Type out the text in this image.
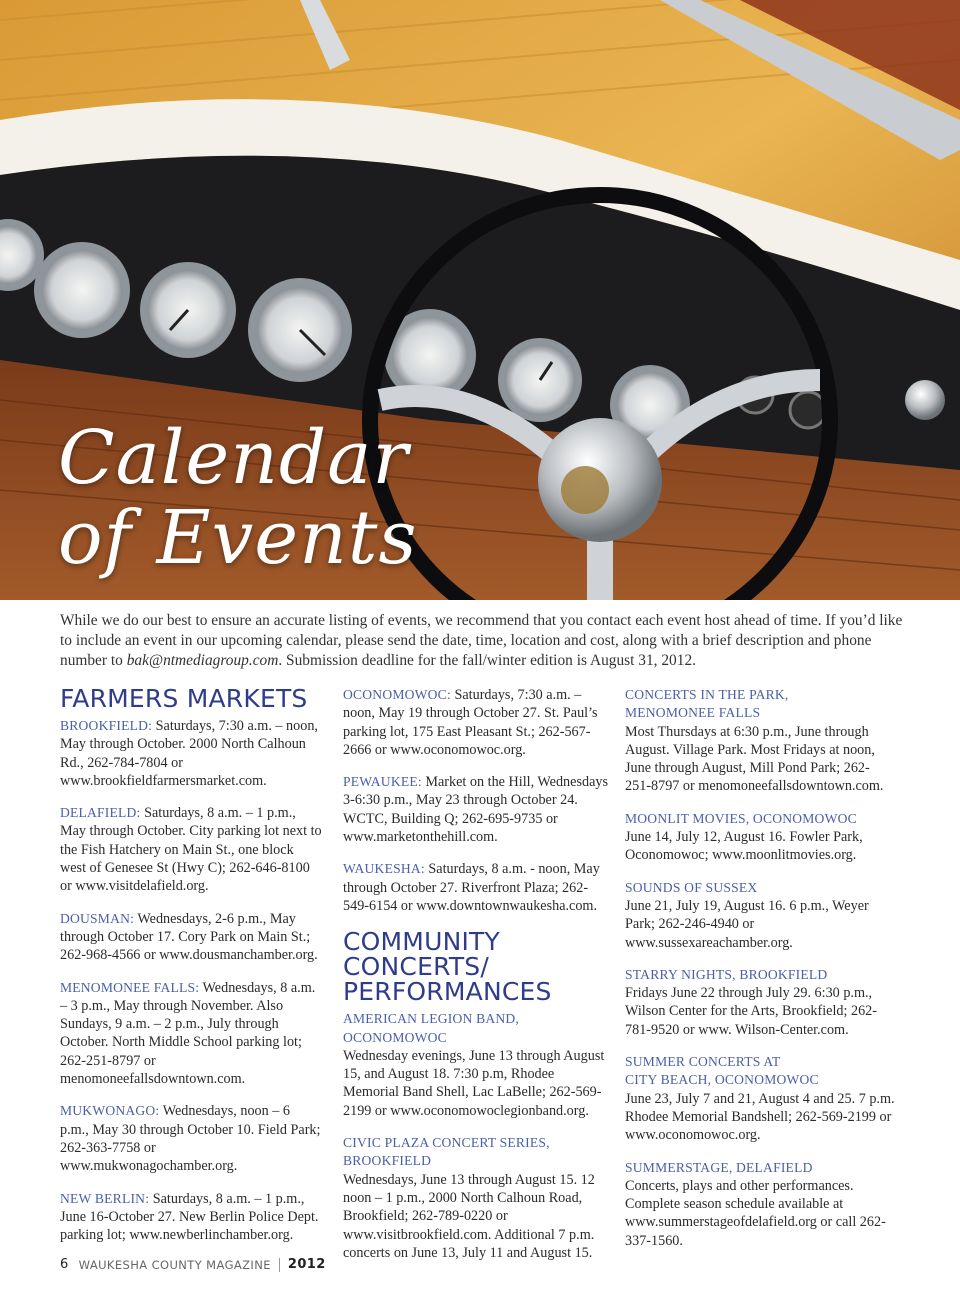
Calendar
of Events
While we do our best to ensure an accurate listing of events, we recommend that you contact each event host ahead of time. If you’d like to include an event in our upcoming calendar, please send the date, time, location and cost, along with a brief description and phone number to bak@ntmediagroup.com. Submission deadline for the fall/winter edition is August 31, 2012.
FARMERS MARKETS
BROOKFIELD: Saturdays, 7:30 a.m. – noon, May through October. 2000 North Calhoun Rd., 262-784-7804 or www.brookfieldfarmersmarket.com.
DELAFIELD: Saturdays, 8 a.m. – 1 p.m., May through October. City parking lot next to the Fish Hatchery on Main St., one block west of Genesee St (Hwy C); 262-646-8100 or www.visitdelafield.org.
DOUSMAN: Wednesdays, 2-6 p.m., May through October 17. Cory Park on Main St.; 262-968-4566 or www.dousmanchamber.org.
MENOMONEE FALLS: Wednesdays, 8 a.m. – 3 p.m., May through November. Also Sundays, 9 a.m. – 2 p.m., July through October. North Middle School parking lot; 262-251-8797 or menomoneefallsdowntown.com.
MUKWONAGO: Wednesdays, noon – 6 p.m., May 30 through October 10. Field Park; 262-363-7758 or www.mukwonagochamber.org.
NEW BERLIN: Saturdays, 8 a.m. – 1 p.m., June 16-October 27. New Berlin Police Dept. parking lot; www.newberlinchamber.org.
OCONOMOWOC: Saturdays, 7:30 a.m. – noon, May 19 through October 27. St. Paul’s parking lot, 175 East Pleasant St.; 262-567-2666 or www.oconomowoc.org.
PEWAUKEE: Market on the Hill, Wednesdays 3-6:30 p.m., May 23 through October 24. WCTC, Building Q; 262-695-9735 or www.marketonthehill.com.
WAUKESHA: Saturdays, 8 a.m. - noon, May through October 27. Riverfront Plaza; 262-549-6154 or www.downtownwaukesha.com.
COMMUNITY
CONCERTS/
PERFORMANCES
AMERICAN LEGION BAND,
OCONOMOWOC
Wednesday evenings, June 13 through August 15, and August 18. 7:30 p.m, Rhodee Memorial Band Shell, Lac LaBelle; 262-569-2199 or www.oconomowoclegionband.org.
CIVIC PLAZA CONCERT SERIES,
BROOKFIELD
Wednesdays, June 13 through August 15. 12 noon – 1 p.m., 2000 North Calhoun Road, Brookfield; 262-789-0220 or www.visitbrookfield.com. Additional 7 p.m. concerts on June 13, July 11 and August 15.
CONCERTS IN THE PARK,
MENOMONEE FALLS
Most Thursdays at 6:30 p.m., June through August. Village Park. Most Fridays at noon, June through August, Mill Pond Park; 262-251-8797 or menomoneefallsdowntown.com.
MOONLIT MOVIES, OCONOMOWOC
June 14, July 12, August 16. Fowler Park, Oconomowoc; www.moonlitmovies.org.
SOUNDS OF SUSSEX
June 21, July 19, August 16. 6 p.m., Weyer Park; 262-246-4940 or www.sussexareachamber.org.
STARRY NIGHTS, BROOKFIELD
Fridays June 22 through July 29. 6:30 p.m., Wilson Center for the Arts, Brookfield; 262-781-9520 or www. Wilson-Center.com.
SUMMER CONCERTS AT
CITY BEACH, OCONOMOWOC
June 23, July 7 and 21, August 4 and 25. 7 p.m. Rhodee Memorial Bandshell; 262-569-2199 or www.oconomowoc.org.
SUMMERSTAGE, DELAFIELD
Concerts, plays and other performances. Complete season schedule available at www.summerstageofdelafield.org or call 262-337-1560.
6 WAUKESHA COUNTY MAGAZINE 2012
